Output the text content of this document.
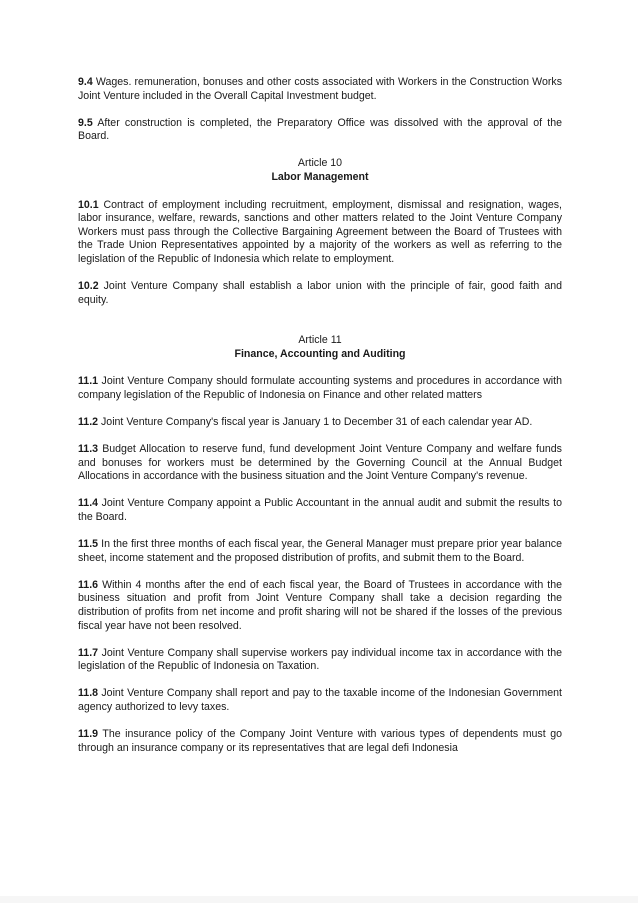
9.4 Wages. remuneration, bonuses and other costs associated with Workers in the Construction Works Joint Venture included in the Overall Capital Investment budget.

9.5 After construction is completed, the Preparatory Office was dissolved with the approval of the Board.

Article 10
Labor Management

10.1 Contract of employment including recruitment, employment, dismissal and resignation, wages, labor insurance, welfare, rewards, sanctions and other matters related to the Joint Venture Company Workers must pass through the Collective Bargaining Agreement between the Board of Trustees with the Trade Union Representatives appointed by a majority of the workers as well as referring to the legislation of the Republic of Indonesia which relate to employment.

10.2 Joint Venture Company shall establish a labor union with the principle of fair, good faith and equity.

Article 11
Finance, Accounting and Auditing

11.1 Joint Venture Company should formulate accounting systems and procedures in accordance with company legislation of the Republic of Indonesia on Finance and other related matters

11.2 Joint Venture Company's fiscal year is January 1 to December 31 of each calendar year AD.

11.3 Budget Allocation to reserve fund, fund development Joint Venture Company and welfare funds and bonuses for workers must be determined by the Governing Council at the Annual Budget Allocations in accordance with the business situation and the Joint Venture Company's revenue.

11.4 Joint Venture Company appoint a Public Accountant in the annual audit and submit the results to the Board.

11.5 In the first three months of each fiscal year, the General Manager must prepare prior year balance sheet, income statement and the proposed distribution of profits, and submit them to the Board.

11.6 Within 4 months after the end of each fiscal year, the Board of Trustees in accordance with the business situation and profit from Joint Venture Company shall take a decision regarding the distribution of profits from net income and profit sharing will not be shared if the losses of the previous fiscal year have not been resolved.

11.7 Joint Venture Company shall supervise workers pay individual income tax in accordance with the legislation of the Republic of Indonesia on Taxation.

11.8 Joint Venture Company shall report and pay to the taxable income of the Indonesian Government agency authorized to levy taxes.

11.9 The insurance policy of the Company Joint Venture with various types of dependents must go through an insurance company or its representatives that are legal defi Indonesia
